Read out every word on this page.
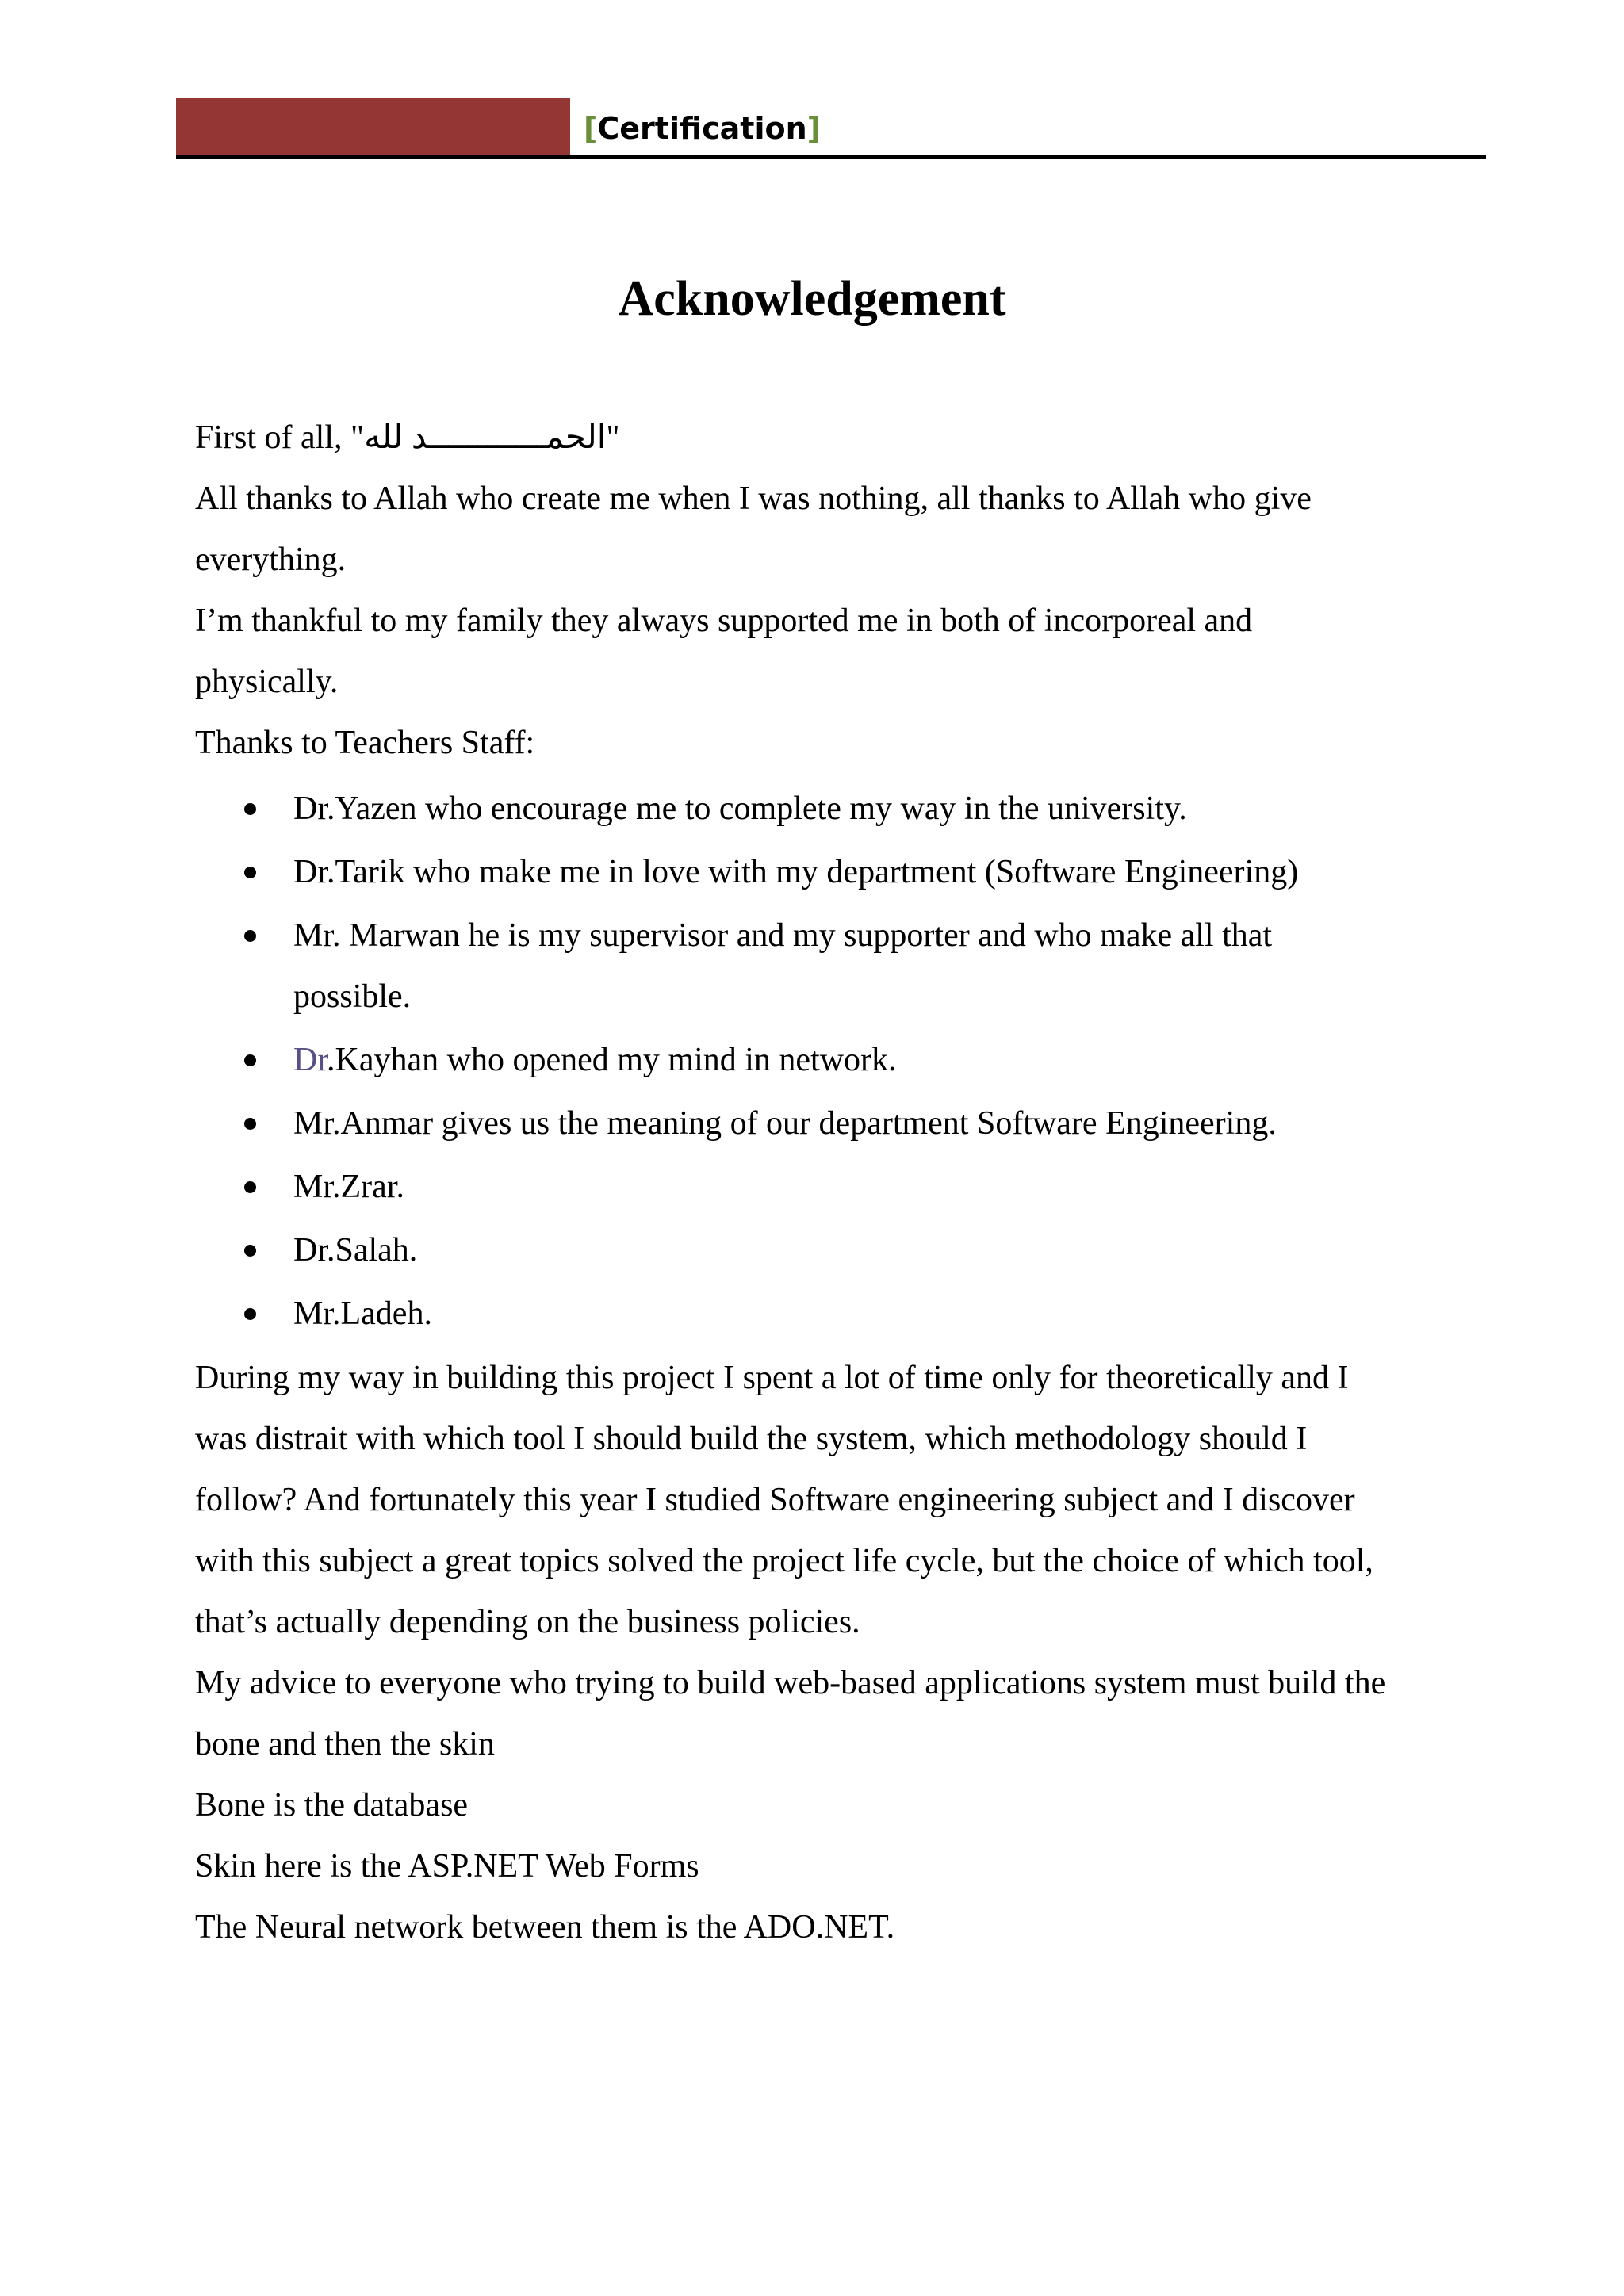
[Certification]
Acknowledgement

First of all, "الحمــــــــــــد لله"

All thanks to Allah who create me when I was nothing, all thanks to Allah who give

everything.

I’m thankful to my family they always supported me in both of incorporeal and

physically.

Thanks to Teachers Staff:

Dr.Yazen who encourage me to complete my way in the university.
Dr.Tarik who make me in love with my department (Software Engineering)
Mr. Marwan he is my supervisor and my supporter and who make all that
possible.
Dr.Kayhan who opened my mind in network.
Mr.Anmar gives us the meaning of our department Software Engineering.
Mr.Zrar.
Dr.Salah.
Mr.Ladeh.

During my way in building this project I spent a lot of time only for theoretically and I

was distrait with which tool I should build the system, which methodology should I

follow? And fortunately this year I studied Software engineering subject and I discover

with this subject a great topics solved the project life cycle, but the choice of which tool,

that’s actually depending on the business policies.

My advice to everyone who trying to build web-based applications system must build the

bone and then the skin

Bone is the database

Skin here is the ASP.NET Web Forms

The Neural network between them is the ADO.NET.
